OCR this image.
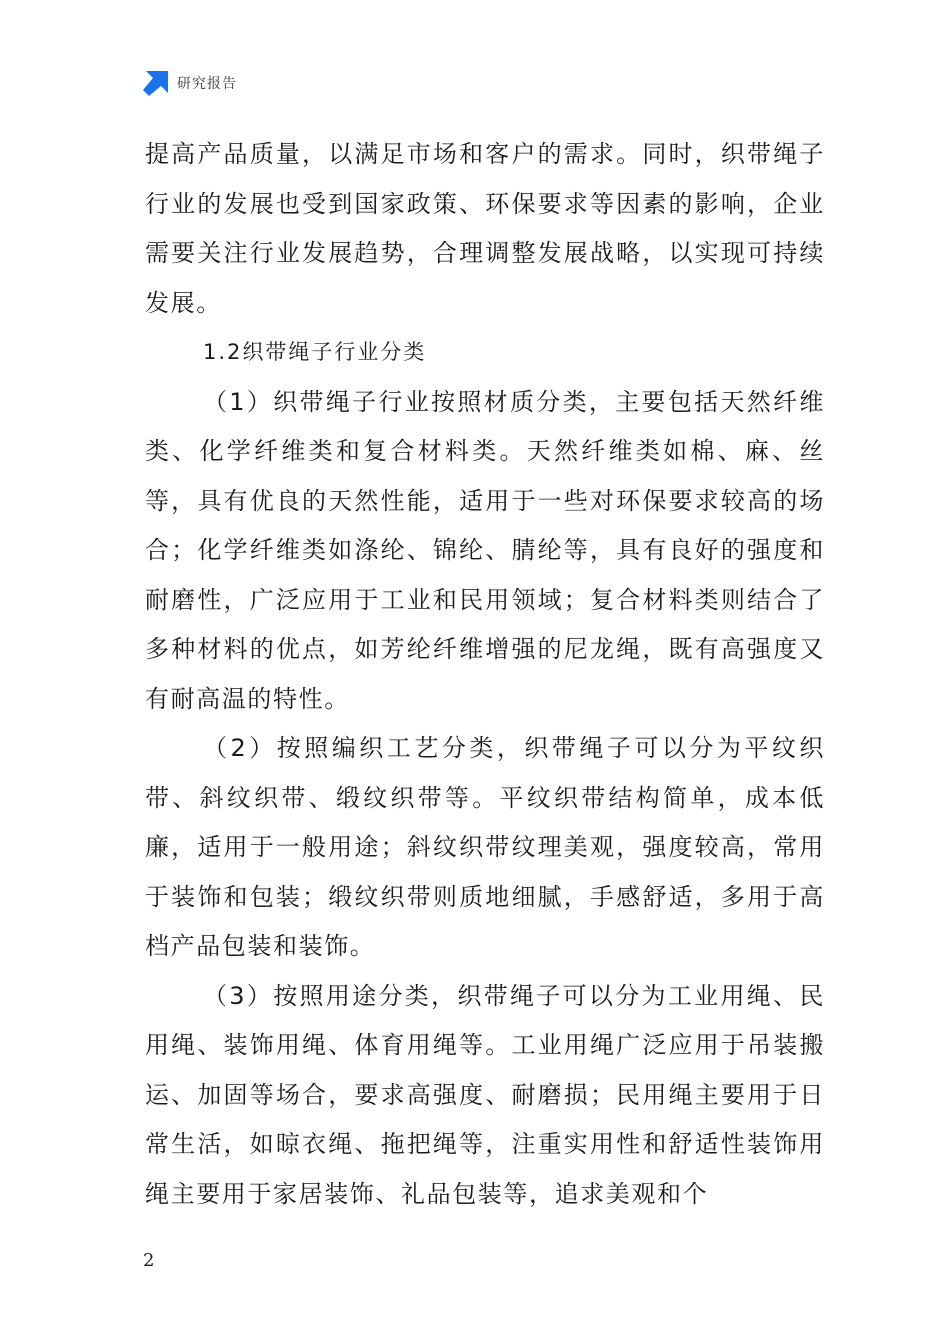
研究报告

提高产品质量，以满足市场和客户的需求。同时，织带绳子行业的发展也受到国家政策、环保要求等因素的影响，企业需要关注行业发展趋势，合理调整发展战略，以实现可持续发展。

1.2织带绳子行业分类

（1）织带绳子行业按照材质分类，主要包括天然纤维类、化学纤维类和复合材料类。天然纤维类如棉、麻、丝等，具有优良的天然性能，适用于一些对环保要求较高的场合；化学纤维类如涤纶、锦纶、腈纶等，具有良好的强度和耐磨性，广泛应用于工业和民用领域；复合材料类则结合了多种材料的优点，如芳纶纤维增强的尼龙绳，既有高强度又有耐高温的特性。

（2）按照编织工艺分类，织带绳子可以分为平纹织带、斜纹织带、缎纹织带等。平纹织带结构简单，成本低廉，适用于一般用途；斜纹织带纹理美观，强度较高，常用于装饰和包装；缎纹织带则质地细腻，手感舒适，多用于高档产品包装和装饰。

（3）按照用途分类，织带绳子可以分为工业用绳、民用绳、装饰用绳、体育用绳等。工业用绳广泛应用于吊装搬运、加固等场合，要求高强度、耐磨损；民用绳主要用于日常生活，如晾衣绳、拖把绳等，注重实用性和舒适性装饰用绳主要用于家居装饰、礼品包装等，追求美观和个

2
